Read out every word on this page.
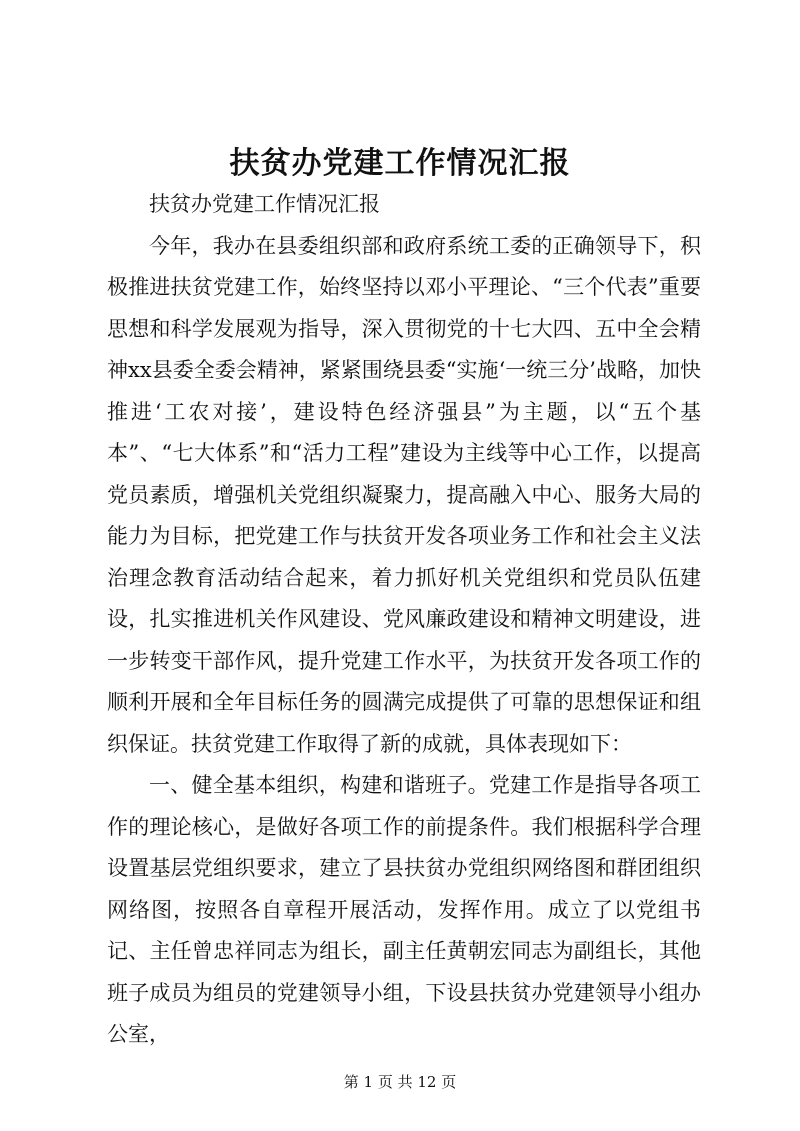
扶贫办党建工作情况汇报

扶贫办党建工作情况汇报

今年，我办在县委组织部和政府系统工委的正确领导下，积极推进扶贫党建工作，始终坚持以邓小平理论、“三个代表”重要思想和科学发展观为指导，深入贯彻党的十七大四、五中全会精神xx县委全委会精神，紧紧围绕县委“实施‘一统三分’战略，加快推进‘工农对接’，建设特色经济强县”为主题，以“五个基本”、“七大体系”和“活力工程”建设为主线等中心工作，以提高党员素质，增强机关党组织凝聚力，提高融入中心、服务大局的能力为目标，把党建工作与扶贫开发各项业务工作和社会主义法治理念教育活动结合起来，着力抓好机关党组织和党员队伍建设，扎实推进机关作风建设、党风廉政建设和精神文明建设，进一步转变干部作风，提升党建工作水平，为扶贫开发各项工作的顺利开展和全年目标任务的圆满完成提供了可靠的思想保证和组织保证。扶贫党建工作取得了新的成就，具体表现如下：

一、健全基本组织，构建和谐班子。党建工作是指导各项工作的理论核心，是做好各项工作的前提条件。我们根据科学合理设置基层党组织要求，建立了县扶贫办党组织网络图和群团组织网络图，按照各自章程开展活动，发挥作用。成立了以党组书记、主任曾忠祥同志为组长，副主任黄朝宏同志为副组长，其他班子成员为组员的党建领导小组，下设县扶贫办党建领导小组办公室，

第 1 页 共 12 页
